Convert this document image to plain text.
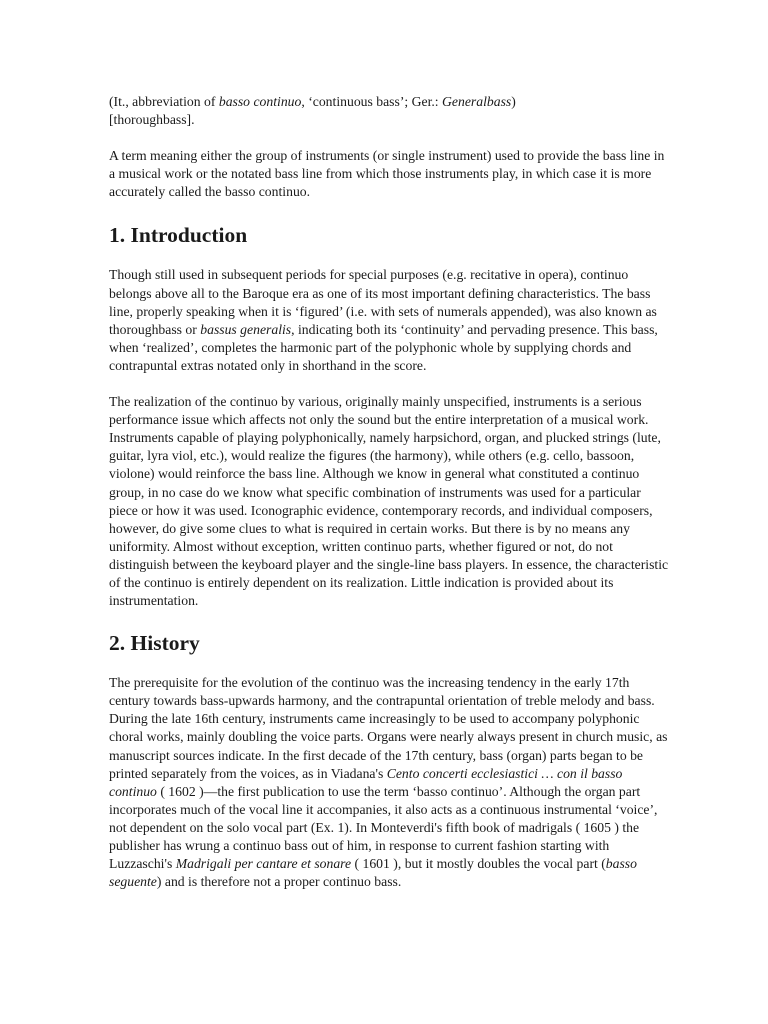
(It., abbreviation of basso continuo, ‘continuous bass’; Ger.: Generalbass)
[thoroughbass].

A term meaning either the group of instruments (or single instrument) used to provide the bass line in a musical work or the notated bass line from which those instruments play, in which case it is more accurately called the basso continuo.

1. Introduction

Though still used in subsequent periods for special purposes (e.g. recitative in opera), continuo belongs above all to the Baroque era as one of its most important defining characteristics. The bass line, properly speaking when it is ‘figured’ (i.e. with sets of numerals appended), was also known as thoroughbass or bassus generalis, indicating both its ‘continuity’ and pervading presence. This bass, when ‘realized’, completes the harmonic part of the polyphonic whole by supplying chords and contrapuntal extras notated only in shorthand in the score.

The realization of the continuo by various, originally mainly unspecified, instruments is a serious performance issue which affects not only the sound but the entire interpretation of a musical work. Instruments capable of playing polyphonically, namely harpsichord, organ, and plucked strings (lute, guitar, lyra viol, etc.), would realize the figures (the harmony), while others (e.g. cello, bassoon, violone) would reinforce the bass line. Although we know in general what constituted a continuo group, in no case do we know what specific combination of instruments was used for a particular piece or how it was used. Iconographic evidence, contemporary records, and individual composers, however, do give some clues to what is required in certain works. But there is by no means any uniformity. Almost without exception, written continuo parts, whether figured or not, do not distinguish between the keyboard player and the single-line bass players. In essence, the characteristic of the continuo is entirely dependent on its realization. Little indication is provided about its instrumentation.

2. History

The prerequisite for the evolution of the continuo was the increasing tendency in the early 17th century towards bass-upwards harmony, and the contrapuntal orientation of treble melody and bass. During the late 16th century, instruments came increasingly to be used to accompany polyphonic choral works, mainly doubling the voice parts. Organs were nearly always present in church music, as manuscript sources indicate. In the first decade of the 17th century, bass (organ) parts began to be printed separately from the voices, as in Viadana's Cento concerti ecclesiastici … con il basso continuo ( 1602 )—the first publication to use the term ‘basso continuo’. Although the organ part incorporates much of the vocal line it accompanies, it also acts as a continuous instrumental ‘voice’, not dependent on the solo vocal part (Ex. 1). In Monteverdi's fifth book of madrigals ( 1605 ) the publisher has wrung a continuo bass out of him, in response to current fashion starting with Luzzaschi's Madrigali per cantare et sonare ( 1601 ), but it mostly doubles the vocal part (basso seguente) and is therefore not a proper continuo bass.
